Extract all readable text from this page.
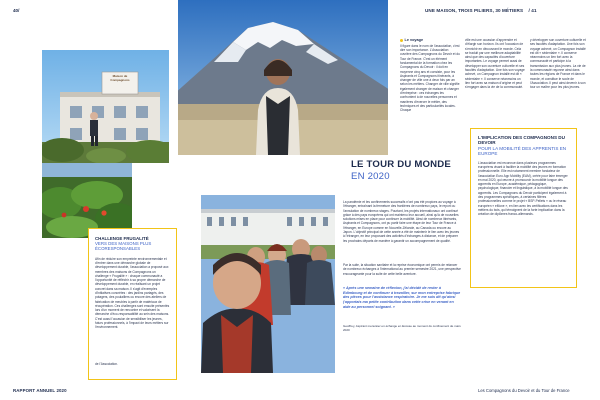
40/	UNE MAISON, TROIS PILIERS, 30 MÉTIERS / 41
RAPPORT ANNUEL 2020	Les Compagnons du Devoir et du Tour de France
Maison de Compagnons
Le voyage

Il figure dans le nom de l'association, c'est dire son importance. L'Association ouvrière des Compagnons du Devoir et du Tour de France. C'est un élément fondamental de la formation chez les Compagnons du Devoir : il doit en moyenne cinq ans et consiste, pour les Aspirants et Compagnons itinérants, à changer de ville une à deux fois par an selon les métiers. Changer de ville signifie également changer de maison et changer d'entreprise : ces échanges les confrontent à de nouvelles personnes et manières d'exercer le métier, des techniques et des particularités locales. Chaque

ville est une occasion d'apprendre et d'élargir son horizon. Ils ont l'occasion de s'enrichir en découvrant le monde. Cela se traduit par une meilleure adaptabilité ainsi que des capacités d'ouverture importantes. Le voyage permet aussi de développer son ouverture culturelle et ses facultés d'adaptation. Une fois son voyage achevé, un Compagnon installé est dit « sédentaire ». Il conserve néanmoins un lien fort avec sa maison d'origine et peut s'engager dans la vie de la communauté.

y développer son ouverture culturelle et ses facultés d'adaptation. Une fois son voyage achevé, un Compagnon installé est dit « sédentaire ». Il conserve néanmoins un lien fort avec la communauté et participe à la transmission aux plus jeunes. La vie de la communauté rayonne ainsi dans toutes les régions de France et dans le monde, et constitue le socle de l'Association. Il peut ainsi devenir à son tour un maître pour les plus jeunes.

L'IMPLICATION DES COMPAGNONS DU DEVOIR
POUR LA MOBILITÉ DES APPRENTIS EN EUROPE
L'association est reconnue dans plusieurs programmes européens visant à faciliter la mobilité des jeunes en formation professionnelle. Elle est notamment membre fondateur de l'association Euro App Mobility (EAM), créée pour faire émerger en mai 2020, qui œuvre à promouvoir la mobilité longue des apprentis en Europe, académique, pédagogique, psychologique, financier et linguistique, à la mobilité longue des apprentis. Les Compagnons du Devoir participent également à des programmes spécifiques, à certaines filières professionnelles comme le projet « BSP-Pellets » ou le réseau européen « eMove », en lien avec les certifications dans les métiers du bois, qui témoignent de la forte implication dans la création de diplômes franco-allemands.
LE TOUR DU MONDE
EN 2020

La pandémie et les confinements successifs n'ont pas été propices au voyage à l'étranger, entraînant la fermeture des frontières de nombreux pays, le report ou l'annulation de nombreux stages. Pourtant, les projets internationaux ont continué grâce à des pays européens qui ont maintenu leur accueil, ainsi qu'à de nouvelles solutions mises en place pour continuer la mobilité. Ainsi de nombreux itinérants, Aspirants et Compagnons, ont pu partir faire une étape de leur Tour de France à l'étranger, en Europe comme en Nouvelle-Zélande, au Canada ou encore au Japon. L'objectif principal de cette année a été de maintenir le lien avec les jeunes à l'étranger, en leur proposant des activités d'échanges à distance, et de préparer les prochains départs de manière à garantir un accompagnement de qualité.

Par la suite, la situation sanitaire et la reprise économique ont permis de relancer de nombreux échanges à l'international au premier semestre 2021, une perspective encourageante pour la suite de cette belle aventure.

« Après une semaine de réflexion, j'ai décidé de rester à Edimbourg et de continuer à travailler, sur mon entreprise fabrique des pièces pour l'assistance respiratoire. Je me suis dit qu'ainsi j'apportais ma petite contribution dans cette crise en venant en aide au personnel soignant. »
Geoffrey, Aspirant menuisier en échange en Écosse au moment du confinement de mars 2020
CHALLENGE FRUGALITÉ
VERS DES MAISONS PLUS ÉCORESPONSABLES
Afin de réduire son empreinte environnementale et d'entrer dans une démarche globale de développement durable, l'association a proposé aux membres des maisons de Compagnons un challenge « Frugalité » : chaque communauté a l'opportunité de réfléchir à sa propre démarche de développement durable, en réalisant un projet concret dans sa maison. Il s'agit d'exemples d'initiatives concrètes : des jardins partagés, des potagers, des poulaillers ou encore des ateliers de fabrication de meubles à partir de matériaux de récupération. Ces challenges sont ensuite présentés lors d'un moment de rencontre et valorisent la démarche d'éco-responsabilité au sein des maisons. C'est aussi l'occasion de sensibiliser les jeunes, futurs professionnels, à l'impact de leurs métiers sur l'environnement.
de l'Association.
